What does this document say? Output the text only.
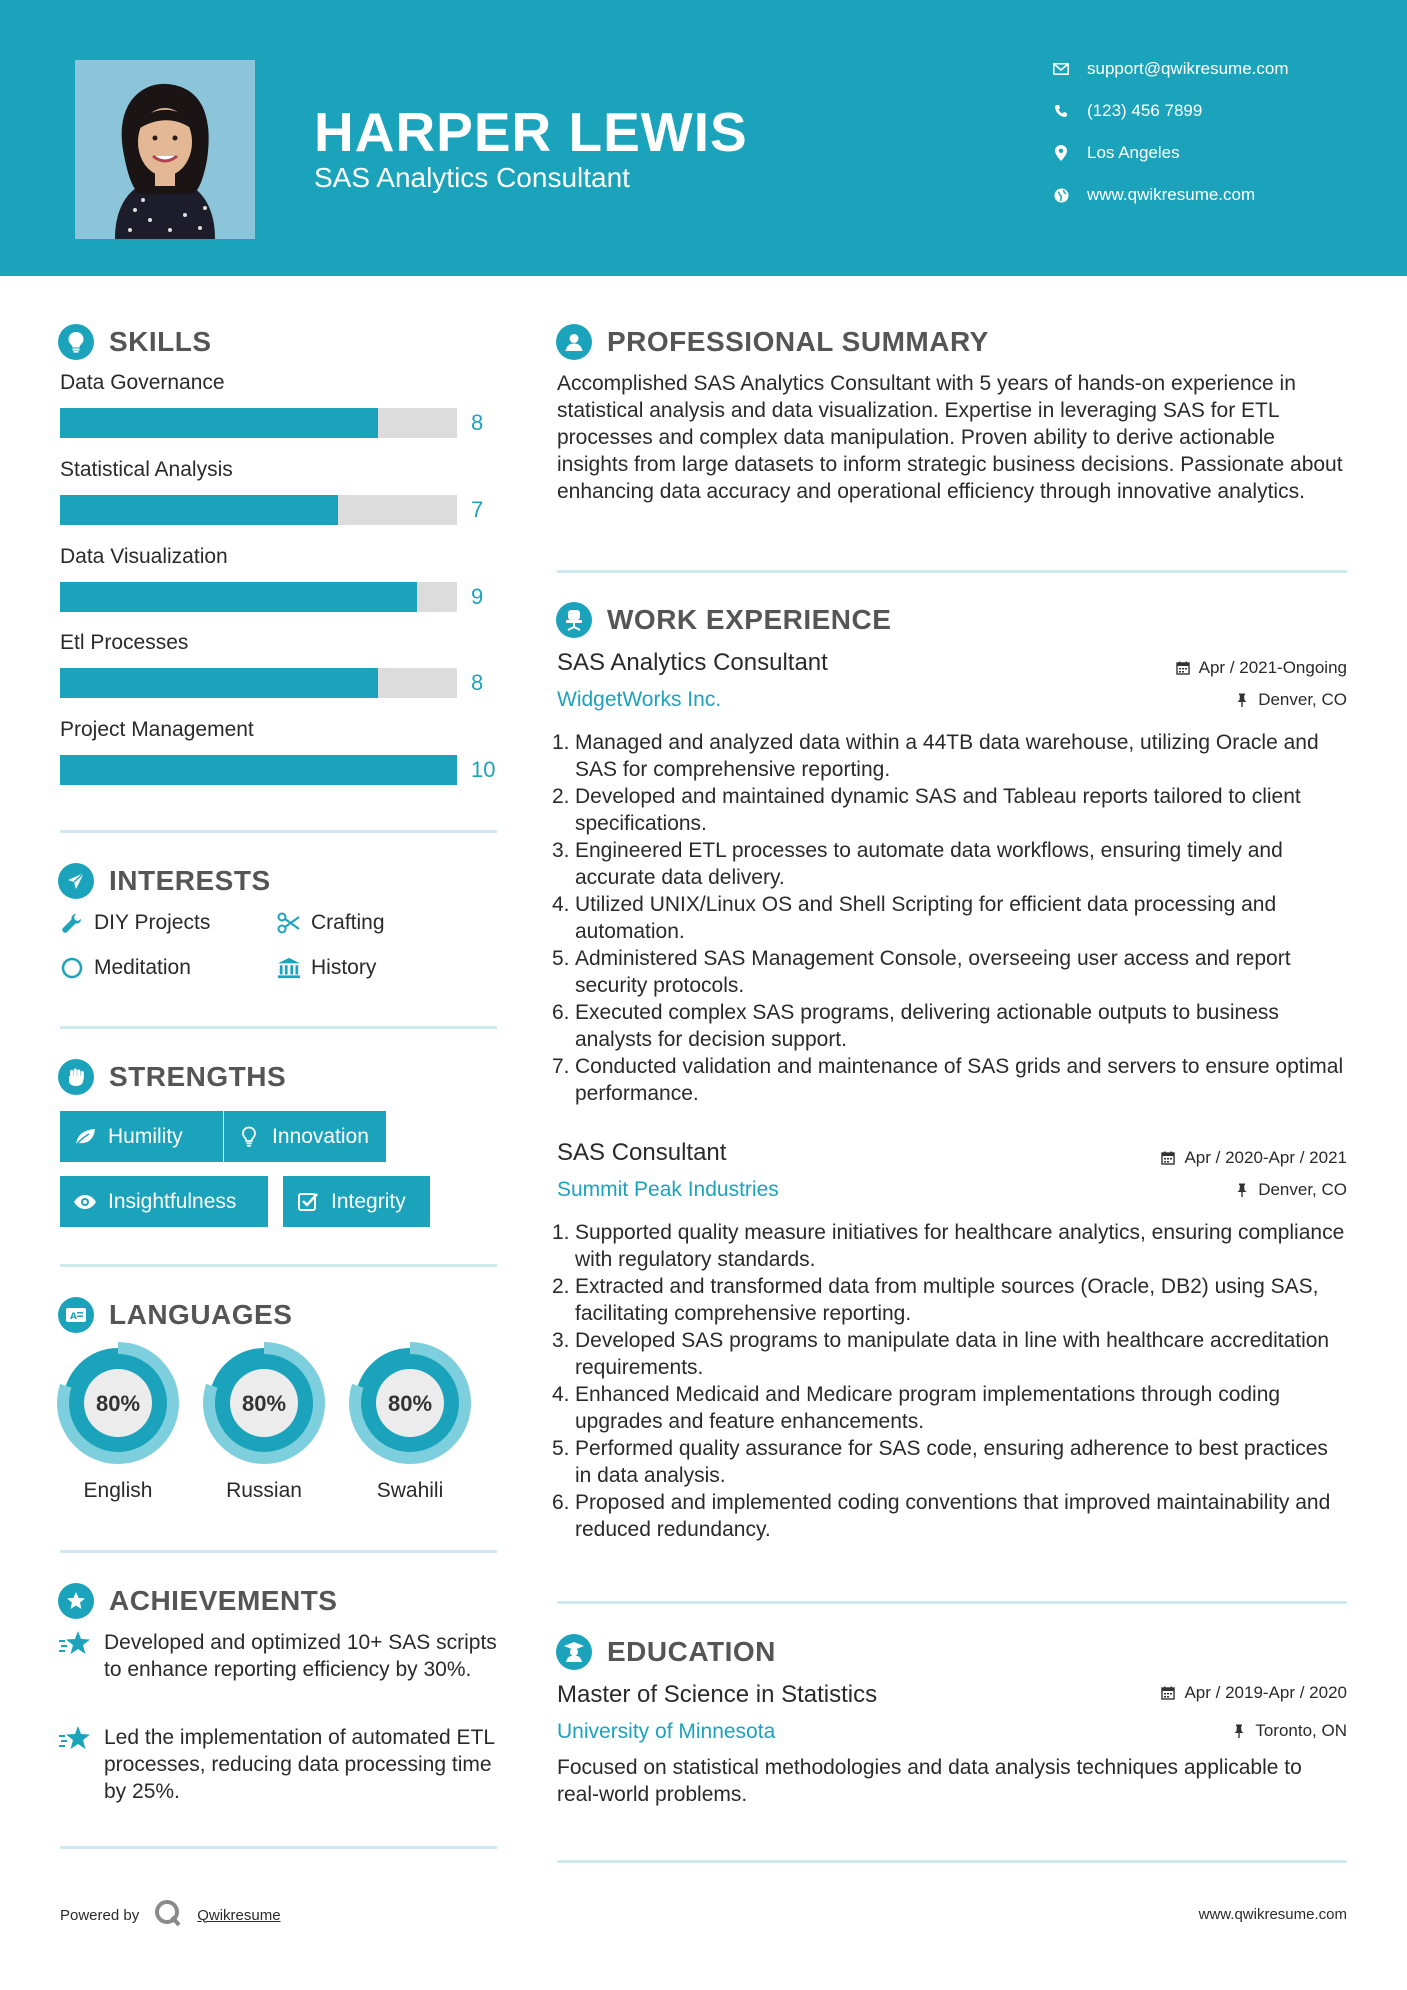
HARPER LEWIS
SAS Analytics Consultant
support@qwikresume.com
(123) 456 7899
Los Angeles
www.qwikresume.com
SKILLS
Data Governance
8
Statistical Analysis
7
Data Visualization
9
Etl Processes
8
Project Management
10
INTERESTS
DIY Projects	Crafting
Meditation	History
STRENGTHS
Humility	Innovation
Insightfulness	Integrity
A LANGUAGES
80%
English
80%
Russian
80%
Swahili
ACHIEVEMENTS
Developed and optimized 10+ SAS scripts to enhance reporting efficiency by 30%.
Led the implementation of automated ETL processes, reducing data processing time by 25%.
PROFESSIONAL SUMMARY
Accomplished SAS Analytics Consultant with 5 years of hands-on experience in statistical analysis and data visualization. Expertise in leveraging SAS for ETL processes and complex data manipulation. Proven ability to derive actionable insights from large datasets to inform strategic business decisions. Passionate about enhancing data accuracy and operational efficiency through innovative analytics.
WORK EXPERIENCE
SAS Analytics Consultant	Apr / 2021-Ongoing
WidgetWorks Inc.	Denver, CO
1. Managed and analyzed data within a 44TB data warehouse, utilizing Oracle and SAS for comprehensive reporting.
2. Developed and maintained dynamic SAS and Tableau reports tailored to client specifications.
3. Engineered ETL processes to automate data workflows, ensuring timely and accurate data delivery.
4. Utilized UNIX/Linux OS and Shell Scripting for efficient data processing and automation.
5. Administered SAS Management Console, overseeing user access and report security protocols.
6. Executed complex SAS programs, delivering actionable outputs to business analysts for decision support.
7. Conducted validation and maintenance of SAS grids and servers to ensure optimal performance.
SAS Consultant	Apr / 2020-Apr / 2021
Summit Peak Industries	Denver, CO
1. Supported quality measure initiatives for healthcare analytics, ensuring compliance with regulatory standards.
2. Extracted and transformed data from multiple sources (Oracle, DB2) using SAS, facilitating comprehensive reporting.
3. Developed SAS programs to manipulate data in line with healthcare accreditation requirements.
4. Enhanced Medicaid and Medicare program implementations through coding upgrades and feature enhancements.
5. Performed quality assurance for SAS code, ensuring adherence to best practices in data analysis.
6. Proposed and implemented coding conventions that improved maintainability and reduced redundancy.
EDUCATION
Master of Science in Statistics	Apr / 2019-Apr / 2020
University of Minnesota	Toronto, ON
Focused on statistical methodologies and data analysis techniques applicable to real-world problems.
Powered by	Qwikresume	www.qwikresume.com
